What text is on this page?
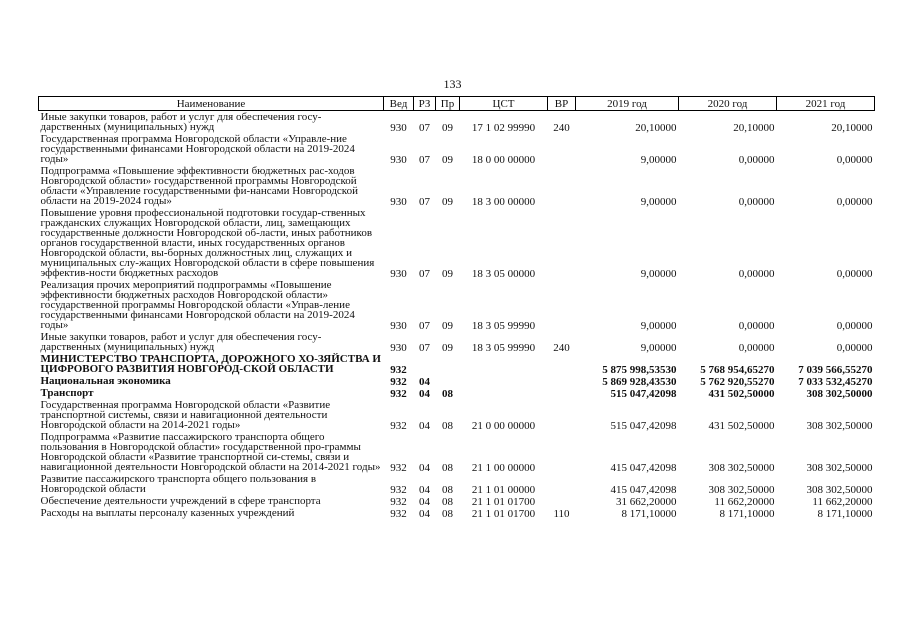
133
Наименование	Вед	РЗ	Пр	ЦСТ	ВР	2019 год	2020 год	2021 год
Иные закупки товаров, работ и услуг для обеспечения госу-дарственных (муниципальных) нужд	930	07	09	17 1 02 99990	240	20,10000	20,10000	20,10000
Государственная программа Новгородской области «Управле-ние государственными финансами Новгородской области на 2019-2024 годы»	930	07	09	18 0 00 00000		9,00000	0,00000	0,00000
Подпрограмма «Повышение эффективности бюджетных рас-ходов Новгородской области» государственной программы Новгородской области «Управление государственными фи-нансами Новгородской области на 2019-2024 годы»	930	07	09	18 3 00 00000		9,00000	0,00000	0,00000
Повышение уровня профессиональной подготовки государ-ственных гражданских служащих Новгородской области, лиц, замещающих государственные должности Новгородской об-ласти, иных работников органов государственной власти, иных государственных органов Новгородской области, вы-борных должностных лиц, служащих и муниципальных слу-жащих Новгородской области в сфере повышения эффектив-ности бюджетных расходов	930	07	09	18 3 05 00000		9,00000	0,00000	0,00000
Реализация прочих мероприятий подпрограммы «Повышение эффективности бюджетных расходов Новгородской области» государственной программы Новгородской области «Управ-ление государственными финансами Новгородской области на 2019-2024 годы»	930	07	09	18 3 05 99990		9,00000	0,00000	0,00000
Иные закупки товаров, работ и услуг для обеспечения госу-дарственных (муниципальных) нужд	930	07	09	18 3 05 99990	240	9,00000	0,00000	0,00000
МИНИСТЕРСТВО ТРАНСПОРТА, ДОРОЖНОГО ХО-ЗЯЙСТВА И ЦИФРОВОГО РАЗВИТИЯ НОВГОРОД-СКОЙ ОБЛАСТИ	932					5 875 998,53530	5 768 954,65270	7 039 566,55270
Национальная экономика	932	04				5 869 928,43530	5 762 920,55270	7 033 532,45270
Транспорт	932	04	08			515 047,42098	431 502,50000	308 302,50000
Государственная программа Новгородской области «Развитие транспортной системы, связи и навигационной деятельности Новгородской области на 2014-2021 годы»	932	04	08	21 0 00 00000		515 047,42098	431 502,50000	308 302,50000
Подпрограмма «Развитие пассажирского транспорта общего пользования в Новгородской области» государственной про-граммы Новгородской области «Развитие транспортной си-стемы, связи и навигационной деятельности Новгородской области на 2014-2021 годы»	932	04	08	21 1 00 00000		415 047,42098	308 302,50000	308 302,50000
Развитие пассажирского транспорта общего пользования в Новгородской области	932	04	08	21 1 01 00000		415 047,42098	308 302,50000	308 302,50000
Обеспечение деятельности учреждений в сфере транспорта	932	04	08	21 1 01 01700		31 662,20000	11 662,20000	11 662,20000
Расходы на выплаты персоналу казенных учреждений	932	04	08	21 1 01 01700	110	8 171,10000	8 171,10000	8 171,10000
